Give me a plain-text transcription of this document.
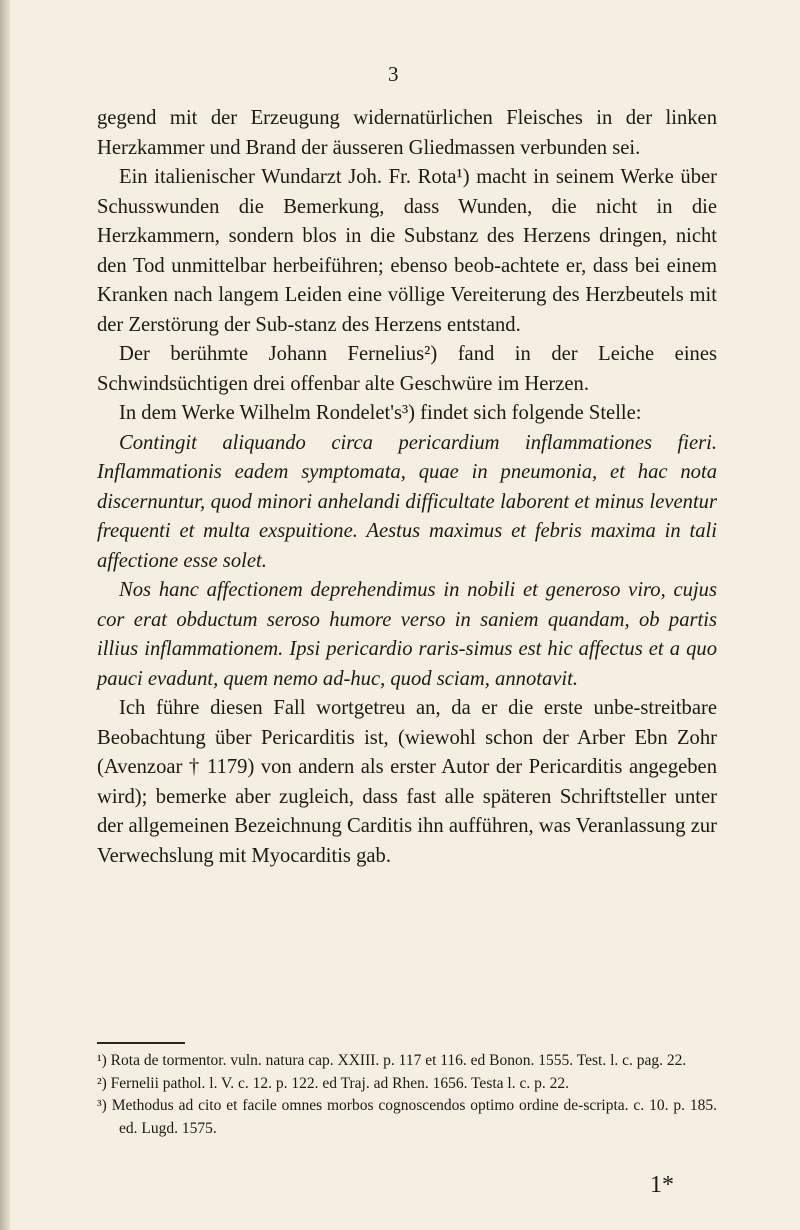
3

gegend mit der Erzeugung widernatürlichen Fleisches in der linken Herzkammer und Brand der äusseren Gliedmassen verbunden sei.

Ein italienischer Wundarzt Joh. Fr. Rota¹) macht in seinem Werke über Schusswunden die Bemerkung, dass Wunden, die nicht in die Herzkammern, sondern blos in die Substanz des Herzens dringen, nicht den Tod unmittelbar herbeiführen; ebenso beob-achtete er, dass bei einem Kranken nach langem Leiden eine völlige Vereiterung des Herzbeutels mit der Zerstörung der Sub-stanz des Herzens entstand.

Der berühmte Johann Fernelius²) fand in der Leiche eines Schwindsüchtigen drei offenbar alte Geschwüre im Herzen.

In dem Werke Wilhelm Rondelet's³) findet sich folgende Stelle:

Contingit aliquando circa pericardium inflammationes fieri. Inflammationis eadem symptomata, quae in pneumonia, et hac nota discernuntur, quod minori anhelandi difficultate laborent et minus leventur frequenti et multa exspuitione. Aestus maximus et febris maxima in tali affectione esse solet.

Nos hanc affectionem deprehendimus in nobili et generoso viro, cujus cor erat obductum seroso humore verso in saniem quandam, ob partis illius inflammationem. Ipsi pericardio raris-simus est hic affectus et a quo pauci evadunt, quem nemo ad-huc, quod sciam, annotavit.

Ich führe diesen Fall wortgetreu an, da er die erste unbe-streitbare Beobachtung über Pericarditis ist, (wiewohl schon der Arber Ebn Zohr (Avenzoar † 1179) von andern als erster Autor der Pericarditis angegeben wird); bemerke aber zugleich, dass fast alle späteren Schriftsteller unter der allgemeinen Bezeichnung Carditis ihn aufführen, was Veranlassung zur Verwechslung mit Myocarditis gab.

¹) Rota de tormentor. vuln. natura cap. XXIII. p. 117 et 116. ed Bonon. 1555. Test. l. c. pag. 22.

²) Fernelii pathol. l. V. c. 12. p. 122. ed Traj. ad Rhen. 1656. Testa l. c. p. 22.

³) Methodus ad cito et facile omnes morbos cognoscendos optimo ordine de-scripta. c. 10. p. 185. ed. Lugd. 1575.

1*
